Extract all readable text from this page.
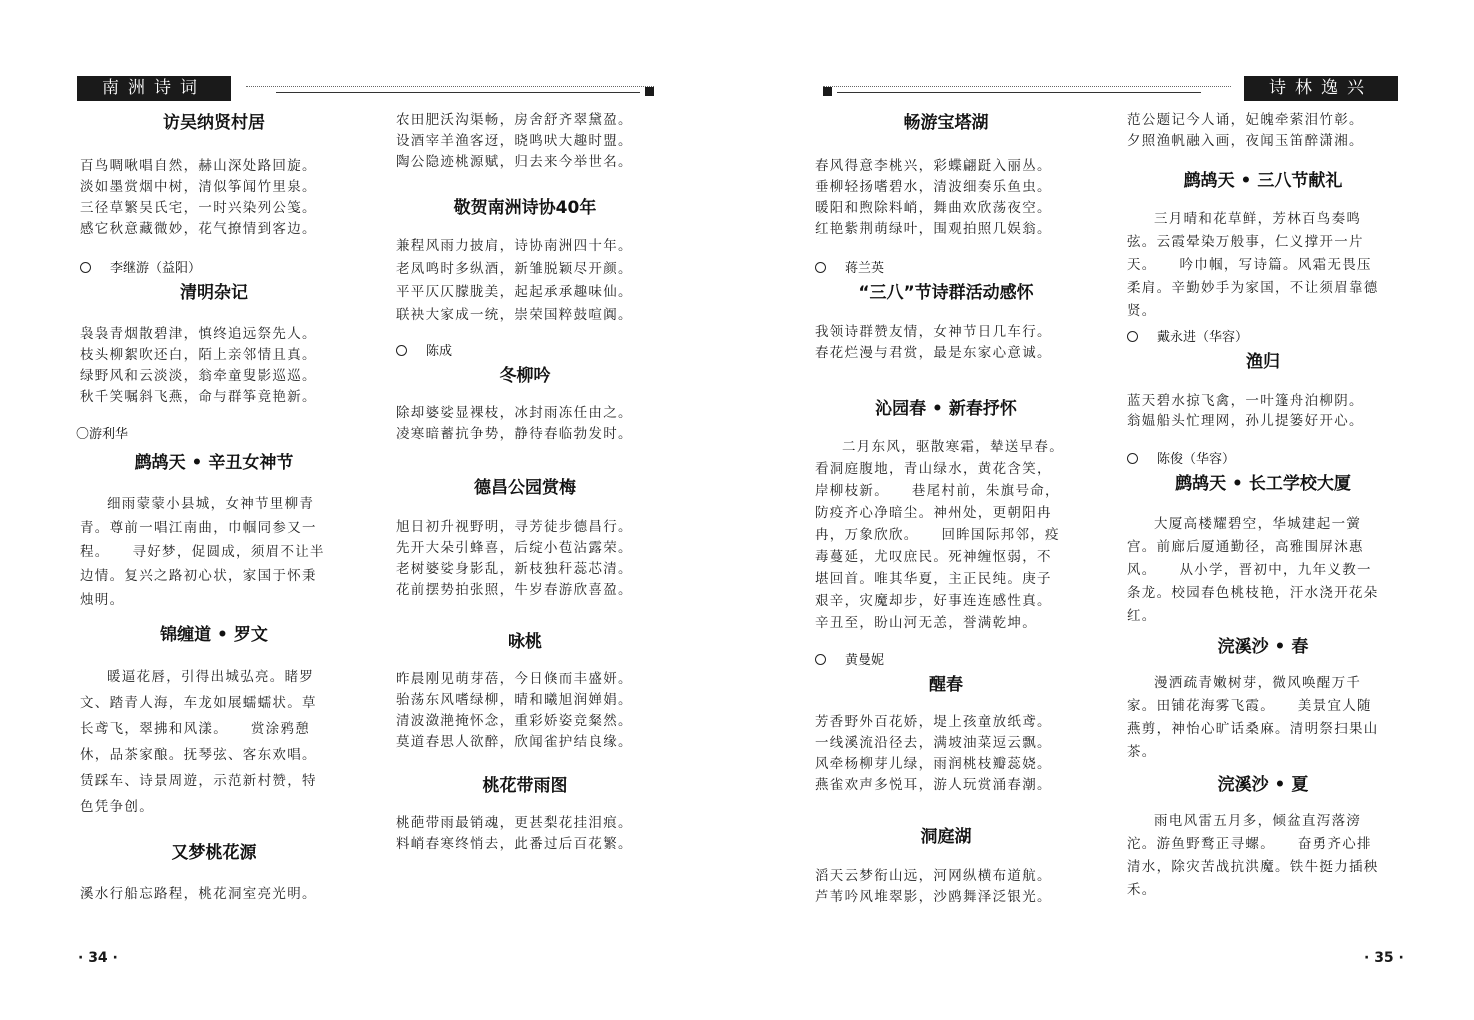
南洲诗词
访吴纳贤村居
百鸟啁啾唱自然，赫山深处路回旋。
淡如墨赏烟中树，清似筝闻竹里泉。
三径草繁吴氏宅，一时兴染列公笺。
感它秋意藏微妙，花气撩情到客边。

 李继游（益阳）

清明杂记
袅袅青烟散碧津，慎终追远祭先人。
枝头柳絮吹还白，陌上亲邻情且真。
绿野风和云淡淡，翁牵童叟影巡巡。
秋千笑嘱斜飞燕，命与群筝竟艳新。

〇游利华

鹧鸪天 • 辛丑女神节
细雨蒙蒙小县城，女神节里柳青
青。尊前一唱江南曲，巾帼同参又一
程。　　寻好梦，促圆成，须眉不让半
边情。复兴之路初心状，家国于怀秉
烛明。
锦缠道 • 罗文
暖逼花唇，引得出城弘亮。睹罗
文、踏青人海，车龙如展蠕蠕状。草
长鸢飞，翠拂和风漾。　　赏涂鸦憩
休，品茶家酿。抚琴弦、客东欢唱。
赁踩车、诗景周遊，示范新村赞，特
色凭争创。
又梦桃花源
溪水行船忘路程，桃花洞室亮光明。
农田肥沃沟渠畅，房舍舒齐翠黛盈。
设酒宰羊渔客迓，晓鸣吠大趣时盟。
陶公隐迹桃源赋，归去来今举世名。
敬贺南洲诗协40年
兼程风雨力披肩，诗协南洲四十年。
老凤鸣时多纵酒，新雏脱颖尽开颜。
平平仄仄朦胧美，起起承承趣味仙。
联袂大家成一统，崇荣国粹鼓喧阗。

 陈成

冬柳吟
除却婆娑显裸枝，冰封雨冻任由之。
凌寒暗蓄抗争势，静待春临勃发时。
德昌公园赏梅
旭日初升视野明，寻芳徒步德昌行。
先开大朵引蜂喜，后绽小苞沾露荣。
老树婆娑身影乱，新枝独秆蕊芯清。
花前摆势拍张照，牛岁春游欣喜盈。
咏桃
昨晨刚见萌芽蓓，今日倏而丰盛妍。
骀荡东风嗜绿柳，晴和曦旭润婵娟。
清波潋滟掩怀念，重彩娇姿竞粲然。
莫道春思人欲醉，欣闻雀护结良缘。
桃花带雨图
桃葩带雨最销魂，更甚梨花挂泪痕。
料峭春寒终悄去，此番过后百花繁。
· 34 ·
诗林逸兴
畅游宝塔湖
春风得意李桃兴，彩蝶翩跹入丽丛。
垂柳轻扬嗜碧水，清波细奏乐鱼虫。
暖阳和煦除料峭，舞曲欢欣荡夜空。
红艳紫荆萌绿叶，围观拍照几娱翁。

 蒋兰英

“三八”节诗群活动感怀
我领诗群赞友情，女神节日几车行。
春花烂漫与君赏，最是东家心意诚。
沁园春 • 新春抒怀
二月东风，驱散寒霜，辇送早春。
看洞庭腹地，青山绿水，黄花含笑，
岸柳枝新。　　巷尾村前，朱旗号命，
防疫齐心净暗尘。神州处，更朝阳冉
冉，万象欣欣。　　回眸国际邦邻，疫
毒蔓延，尤叹庶民。死神缠怄弱，不
堪回首。唯其华夏，主正民纯。庚子
艰辛，灾魔却步，好事连连感性真。
辛丑至，盼山河无恙，誉满乾坤。

 黄曼妮

醒春
芳香野外百花娇，堤上孩童放纸鸢。
一线溪流沿径去，满坡油菜逗云飘。
风牵杨柳芽儿绿，雨润桃枝瓣蕊娆。
燕雀欢声多悦耳，游人玩赏涌春潮。
洞庭湖
滔天云梦衔山远，河网纵横布道航。
芦苇吟风堆翠影，沙鸥舞泽泛银光。
范公题记今人诵，妃魄牵萦泪竹彰。
夕照渔帆融入画，夜闻玉笛醉潇湘。
鹧鸪天 • 三八节献礼
三月晴和花草鲜，芳林百鸟奏鸣
弦。云霞晕染万般事，仁义撑开一片
天。　　吟巾帼，写诗篇。风霜无畏压
柔肩。辛勤妙手为家国，不让须眉靠德
贤。

 戴永进（华容）

渔归
蓝天碧水掠飞禽，一叶篷舟泊柳阴。
翁媪船头忙理网，孙儿提篓好开心。

 陈俊（华容）

鹧鸪天 • 长工学校大厦
大厦高楼耀碧空，华城建起一黉
宫。前廊后厦通勤径，高雅围屏沐惠
风。　　从小学，晋初中，九年义教一
条龙。校园春色桃枝艳，汗水浇开花朵
红。
浣溪沙 • 春
漫洒疏青嫩树芽，微风唤醒万千
家。田铺花海雾飞霞。　　美景宜人随
燕剪，神怡心旷话桑麻。清明祭扫果山
茶。
浣溪沙 • 夏
雨电风雷五月多，倾盆直泻落滂
沱。游鱼野鹜正寻螺。　　奋勇齐心排
清水，除灾苦战抗洪魔。铁牛挺力插秧
禾。
· 35 ·
